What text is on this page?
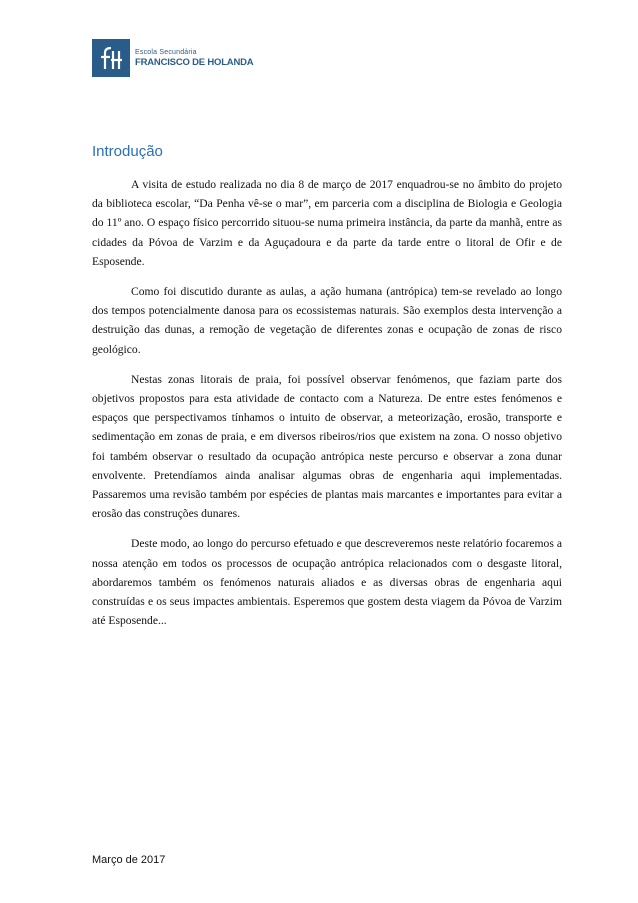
Escola Secundária
FRANCISCO DE HOLANDA
Introdução

A visita de estudo realizada no dia 8 de março de 2017 enquadrou-se no âmbito do projeto da biblioteca escolar, “Da Penha vê-se o mar”, em parceria com a disciplina de Biologia e Geologia do 11º ano. O espaço físico percorrido situou-se numa primeira instância, da parte da manhã, entre as cidades da Póvoa de Varzim e da Aguçadoura e da parte da tarde entre o litoral de Ofir e de Esposende.

Como foi discutido durante as aulas, a ação humana (antrópica) tem-se revelado ao longo dos tempos potencialmente danosa para os ecossistemas naturais. São exemplos desta intervenção a destruição das dunas, a remoção de vegetação de diferentes zonas e ocupação de zonas de risco geológico.

Nestas zonas litorais de praia, foi possível observar fenómenos, que faziam parte dos objetivos propostos para esta atividade de contacto com a Natureza. De entre estes fenómenos e espaços que perspectivamos tínhamos o intuito de observar, a meteorização, erosão, transporte e sedimentação em zonas de praia, e em diversos ribeiros/rios que existem na zona. O nosso objetivo foi também observar o resultado da ocupação antrópica neste percurso e observar a zona dunar envolvente. Pretendíamos ainda analisar algumas obras de engenharia aqui implementadas. Passaremos uma revisão também por espécies de plantas mais marcantes e importantes para evitar a erosão das construções dunares.

Deste modo, ao longo do percurso efetuado e que descreveremos neste relatório focaremos a nossa atenção em todos os processos de ocupação antrópica relacionados com o desgaste litoral, abordaremos também os fenómenos naturais aliados e as diversas obras de engenharia aqui construídas e os seus impactes ambientais. Esperemos que gostem desta viagem da Póvoa de Varzim até Esposende...

Março de 2017
